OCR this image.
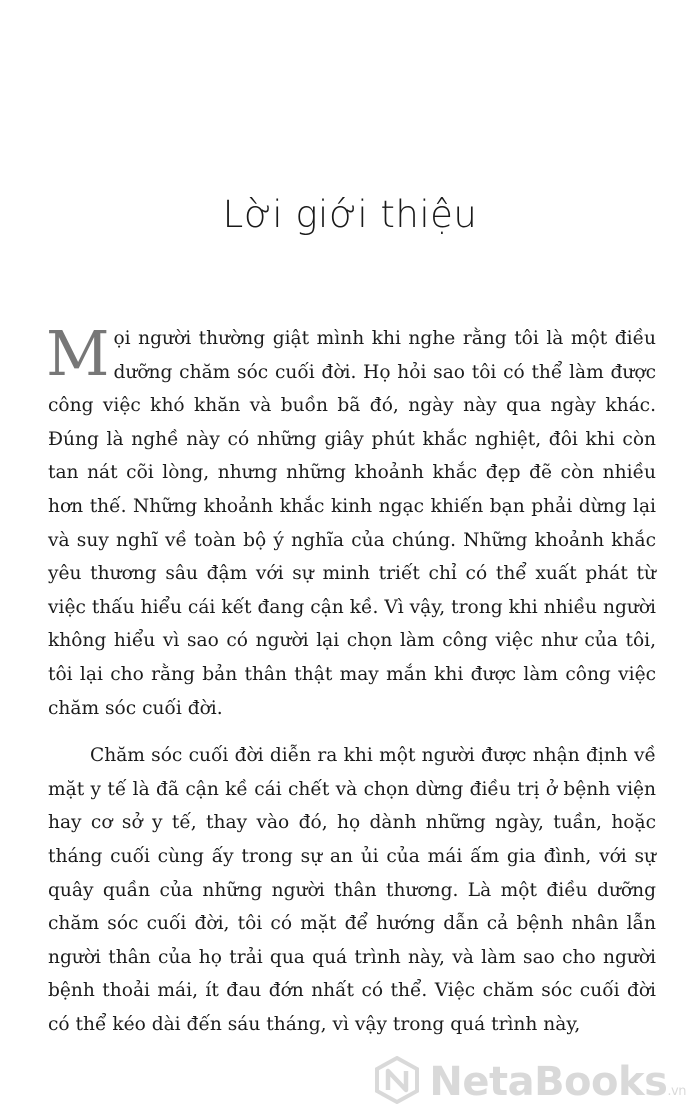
Lời giới thiệu

Mọi người thường giật mình khi nghe rằng tôi là một điều dưỡng chăm sóc cuối đời. Họ hỏi sao tôi có thể làm được công việc khó khăn và buồn bã đó, ngày này qua ngày khác. Đúng là nghề này có những giây phút khắc nghiệt, đôi khi còn tan nát cõi lòng, nhưng những khoảnh khắc đẹp đẽ còn nhiều hơn thế. Những khoảnh khắc kinh ngạc khiến bạn phải dừng lại và suy nghĩ về toàn bộ ý nghĩa của chúng. Những khoảnh khắc yêu thương sâu đậm với sự minh triết chỉ có thể xuất phát từ việc thấu hiểu cái kết đang cận kề. Vì vậy, trong khi nhiều người không hiểu vì sao có người lại chọn làm công việc như của tôi, tôi lại cho rằng bản thân thật may mắn khi được làm công việc chăm sóc cuối đời.

Chăm sóc cuối đời diễn ra khi một người được nhận định về mặt y tế là đã cận kề cái chết và chọn dừng điều trị ở bệnh viện hay cơ sở y tế, thay vào đó, họ dành những ngày, tuần, hoặc tháng cuối cùng ấy trong sự an ủi của mái ấm gia đình, với sự quây quần của những người thân thương. Là một điều dưỡng chăm sóc cuối đời, tôi có mặt để hướng dẫn cả bệnh nhân lẫn người thân của họ trải qua quá trình này, và làm sao cho người bệnh thoải mái, ít đau đớn nhất có thể. Việc chăm sóc cuối đời có thể kéo dài đến sáu tháng, vì vậy trong quá trình này,

NetaBooks.vn
